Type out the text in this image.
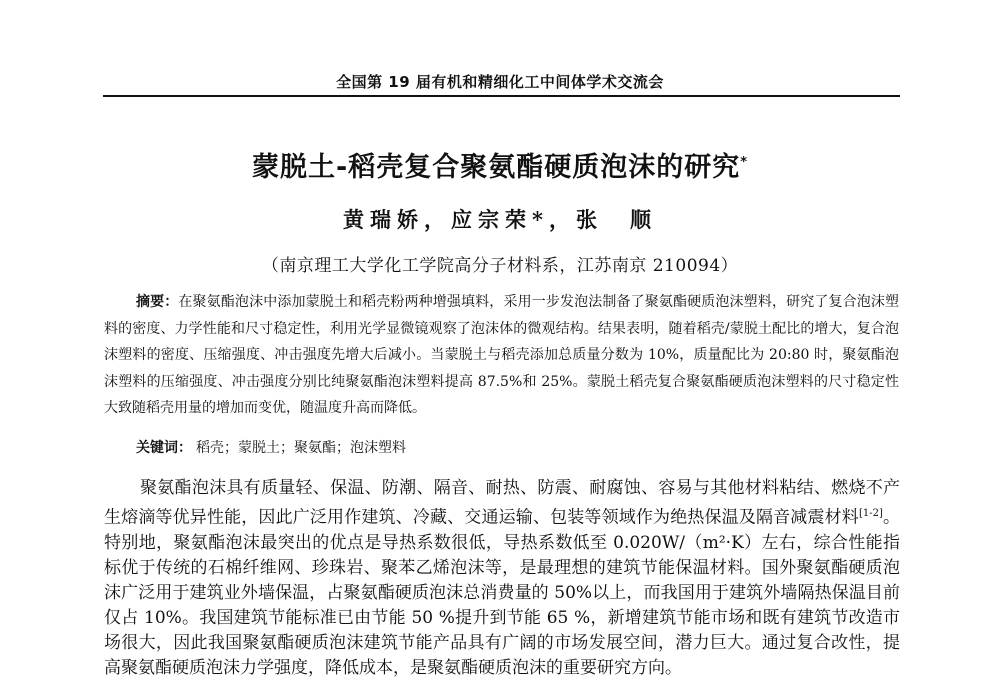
全国第 19 届有机和精细化工中间体学术交流会
蒙脱土-稻壳复合聚氨酯硬质泡沫的研究*
黄瑞娇，应宗荣*，张　顺
（南京理工大学化工学院高分子材料系，江苏南京 210094）
摘要：在聚氨酯泡沫中添加蒙脱土和稻壳粉两种增强填料，采用一步发泡法制备了聚氨酯硬质泡沫塑料，研究了复合泡沫塑料的密度、力学性能和尺寸稳定性，利用光学显微镜观察了泡沫体的微观结构。结果表明，随着稻壳/蒙脱土配比的增大，复合泡沫塑料的密度、压缩强度、冲击强度先增大后减小。当蒙脱土与稻壳添加总质量分数为 10%，质量配比为 20:80 时，聚氨酯泡沫塑料的压缩强度、冲击强度分别比纯聚氨酯泡沫塑料提高 87.5%和 25%。蒙脱土稻壳复合聚氨酯硬质泡沫塑料的尺寸稳定性大致随稻壳用量的增加而变优，随温度升高而降低。
关键词： 稻壳；蒙脱土；聚氨酯；泡沫塑料
聚氨酯泡沫具有质量轻、保温、防潮、隔音、耐热、防震、耐腐蚀、容易与其他材料粘结、燃烧不产生熔滴等优异性能，因此广泛用作建筑、冷藏、交通运输、包装等领域作为绝热保温及隔音减震材料[1-2]。特别地，聚氨酯泡沫最突出的优点是导热系数很低，导热系数低至 0.020W/（m²·K）左右，综合性能指标优于传统的石棉纤维网、珍珠岩、聚苯乙烯泡沫等，是最理想的建筑节能保温材料。国外聚氨酯硬质泡沫广泛用于建筑业外墙保温，占聚氨酯硬质泡沫总消费量的 50%以上，而我国用于建筑外墙隔热保温目前仅占 10%。我国建筑节能标准已由节能 50 %提升到节能 65 %，新增建筑节能市场和既有建筑节改造市场很大，因此我国聚氨酯硬质泡沫建筑节能产品具有广阔的市场发展空间，潜力巨大。通过复合改性，提高聚氨酯硬质泡沫力学强度，降低成本，是聚氨酯硬质泡沫的重要研究方向。
